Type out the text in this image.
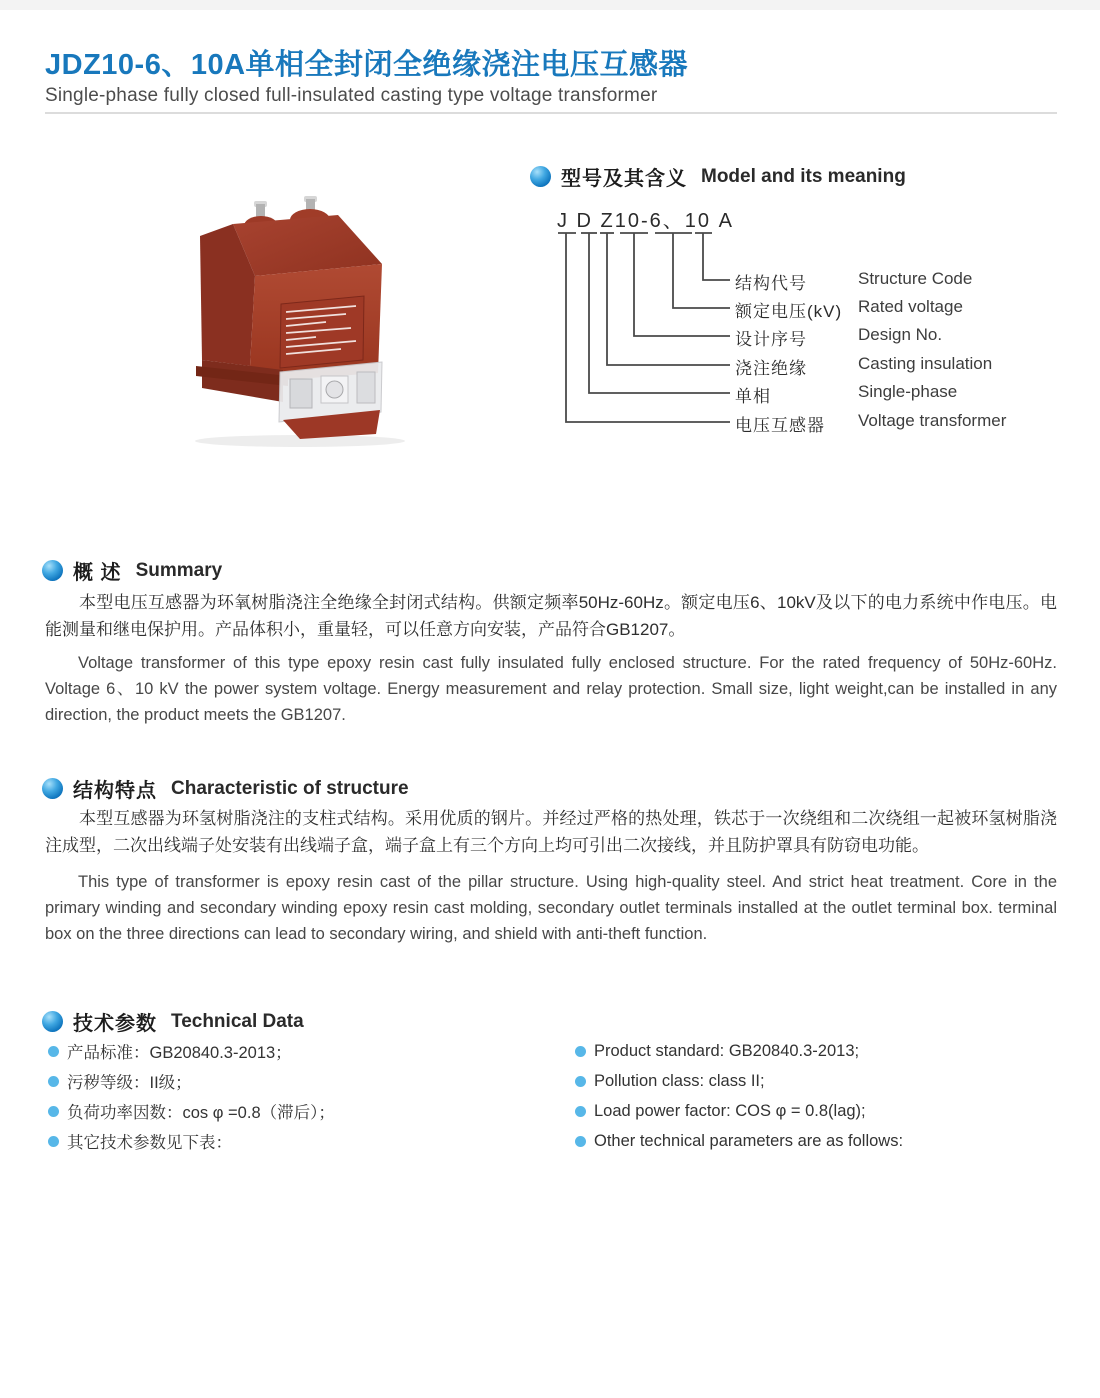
JDZ10-6、10A单相全封闭全绝缘浇注电压互感器
Single-phase fully closed full-insulated casting type voltage transformer
型号及其含义 Model and its meaning
J D Z10-6、10 A
结构代号	Structure Code
额定电压(kV) Rated voltage
设计序号	Design No.
浇注绝缘	Casting insulation
单相	Single-phase
电压互感器 Voltage transformer
概 述 Summary
本型电压互感器为环氧树脂浇注全绝缘全封闭式结构。供额定频率50Hz-60Hz。额定电压6、10kV及以下的电力系统中作电压。电能测量和继电保护用。产品体积小，重量轻，可以任意方向安装，产品符合GB1207。
Voltage transformer of this type epoxy resin cast fully insulated fully enclosed structure. For the rated frequency of 50Hz-60Hz. Voltage 6、10 kV the power system voltage. Energy measurement and relay protection. Small size, light weight,can be installed in any direction, the product meets the GB1207.
结构特点 Characteristic of structure
本型互感器为环氢树脂浇注的支柱式结构。采用优质的钢片。并经过严格的热处理，铁芯于一次绕组和二次绕组一起被环氢树脂浇注成型，二次出线端子处安装有出线端子盒，端子盒上有三个方向上均可引出二次接线，并且防护罩具有防窃电功能。
This type of transformer is epoxy resin cast of the pillar structure. Using high-quality steel. And strict heat treatment. Core in the primary winding and secondary winding epoxy resin cast molding, secondary outlet terminals installed at the outlet terminal box. terminal box on the three directions can lead to secondary wiring, and shield with anti-theft function.
技术参数 Technical Data
产品标准：GB20840.3-2013；
污秽等级：II级；
负荷功率因数：cos φ =0.8（滞后）；
其它技术参数见下表：
Product standard: GB20840.3-2013;
Pollution class: class II;
Load power factor: COS φ = 0.8(lag);
Other technical parameters are as follows:
